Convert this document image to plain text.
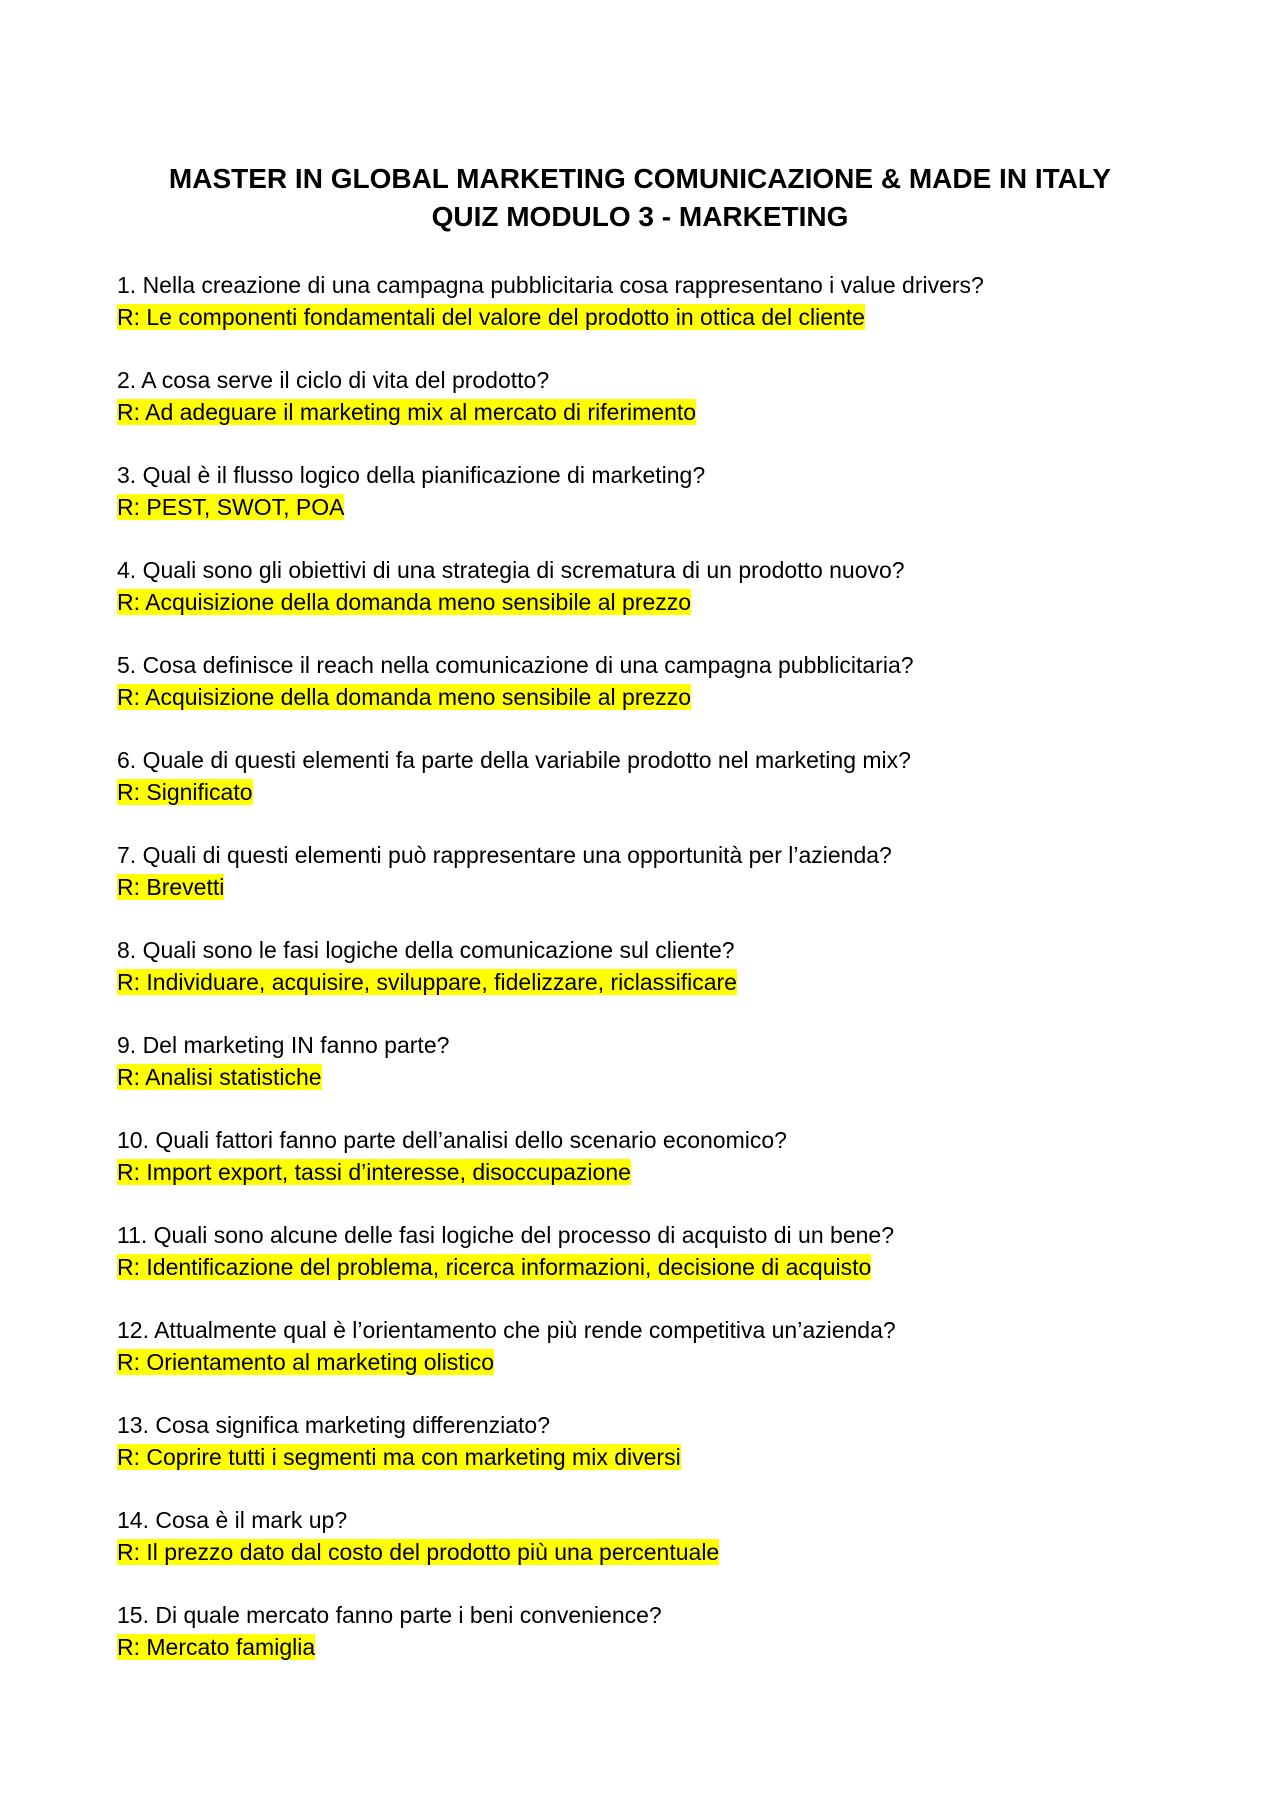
MASTER IN GLOBAL MARKETING COMUNICAZIONE & MADE IN ITALY
QUIZ MODULO 3 - MARKETING
1. Nella creazione di una campagna pubblicitaria cosa rappresentano i value drivers?
R: Le componenti fondamentali del valore del prodotto in ottica del cliente
2. A cosa serve il ciclo di vita del prodotto?
R: Ad adeguare il marketing mix al mercato di riferimento
3. Qual è il flusso logico della pianificazione di marketing?
R: PEST, SWOT, POA
4. Quali sono gli obiettivi di una strategia di scrematura di un prodotto nuovo?
R: Acquisizione della domanda meno sensibile al prezzo
5. Cosa definisce il reach nella comunicazione di una campagna pubblicitaria?
R: Acquisizione della domanda meno sensibile al prezzo
6. Quale di questi elementi fa parte della variabile prodotto nel marketing mix?
R: Significato
7. Quali di questi elementi può rappresentare una opportunità per l’azienda?
R: Brevetti
8. Quali sono le fasi logiche della comunicazione sul cliente?
R: Individuare, acquisire, sviluppare, fidelizzare, riclassificare
9. Del marketing IN fanno parte?
R: Analisi statistiche
10. Quali fattori fanno parte dell’analisi dello scenario economico?
R: Import export, tassi d’interesse, disoccupazione
11. Quali sono alcune delle fasi logiche del processo di acquisto di un bene?
R: Identificazione del problema, ricerca informazioni, decisione di acquisto
12. Attualmente qual è l’orientamento che più rende competitiva un’azienda?
R: Orientamento al marketing olistico
13. Cosa significa marketing differenziato?
R: Coprire tutti i segmenti ma con marketing mix diversi
14. Cosa è il mark up?
R: Il prezzo dato dal costo del prodotto più una percentuale
15. Di quale mercato fanno parte i beni convenience?
R: Mercato famiglia
